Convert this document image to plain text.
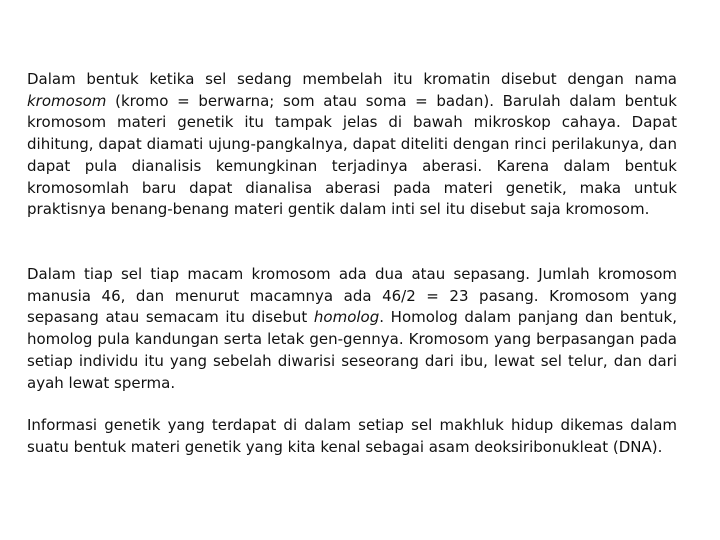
Dalam bentuk ketika sel sedang membelah itu kromatin disebut dengan nama kromosom (kromo = berwarna; som atau soma = badan). Barulah dalam bentuk kromosom materi genetik itu tampak jelas di bawah mikroskop cahaya. Dapat dihitung, dapat diamati ujung-pangkalnya, dapat diteliti dengan rinci perilakunya, dan dapat pula dianalisis kemungkinan terjadinya aberasi. Karena dalam bentuk kromosomlah baru dapat dianalisa aberasi pada materi genetik, maka untuk praktisnya benang-benang materi gentik dalam inti sel itu disebut saja kromosom.

Dalam tiap sel tiap macam kromosom ada dua atau sepasang. Jumlah kromosom manusia 46, dan menurut macamnya ada 46/2 = 23 pasang. Kromosom yang sepasang atau semacam itu disebut homolog. Homolog dalam panjang dan bentuk, homolog pula kandungan serta letak gen-gennya. Kromosom yang berpasangan pada setiap individu itu yang sebelah diwarisi seseorang dari ibu, lewat sel telur, dan dari ayah lewat sperma.

Informasi genetik yang terdapat di dalam setiap sel makhluk hidup dikemas dalam suatu bentuk materi genetik yang kita kenal sebagai asam deoksiribonukleat (DNA).
